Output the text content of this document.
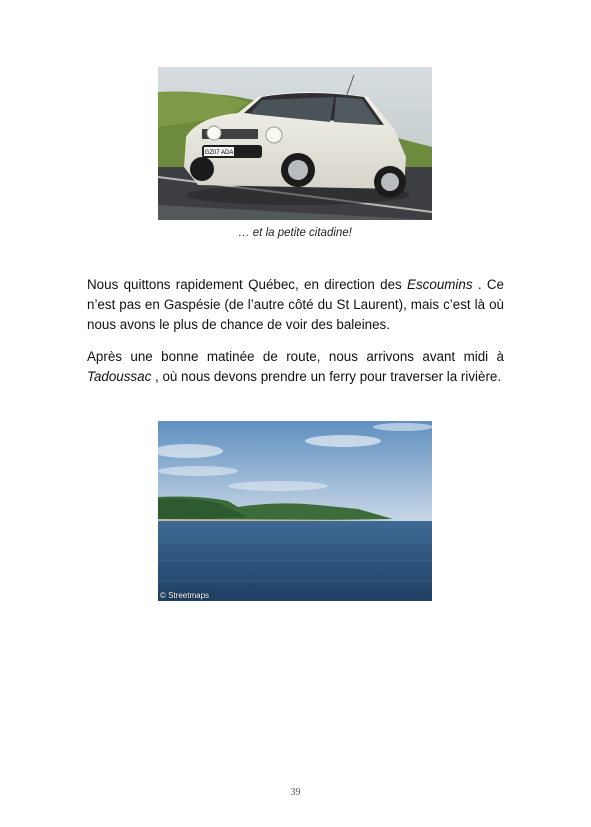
GZ07 ADA
… et la petite citadine!

Nous quittons rapidement Québec, en direction des Escoumins . Ce n’est pas en Gaspésie (de l’autre côté du St Laurent), mais c’est là où nous avons le plus de chance de voir des baleines.

Après une bonne matinée de route, nous arrivons avant midi à Tadoussac , où nous devons prendre un ferry pour traverser la rivière.

© Streetmaps
39
